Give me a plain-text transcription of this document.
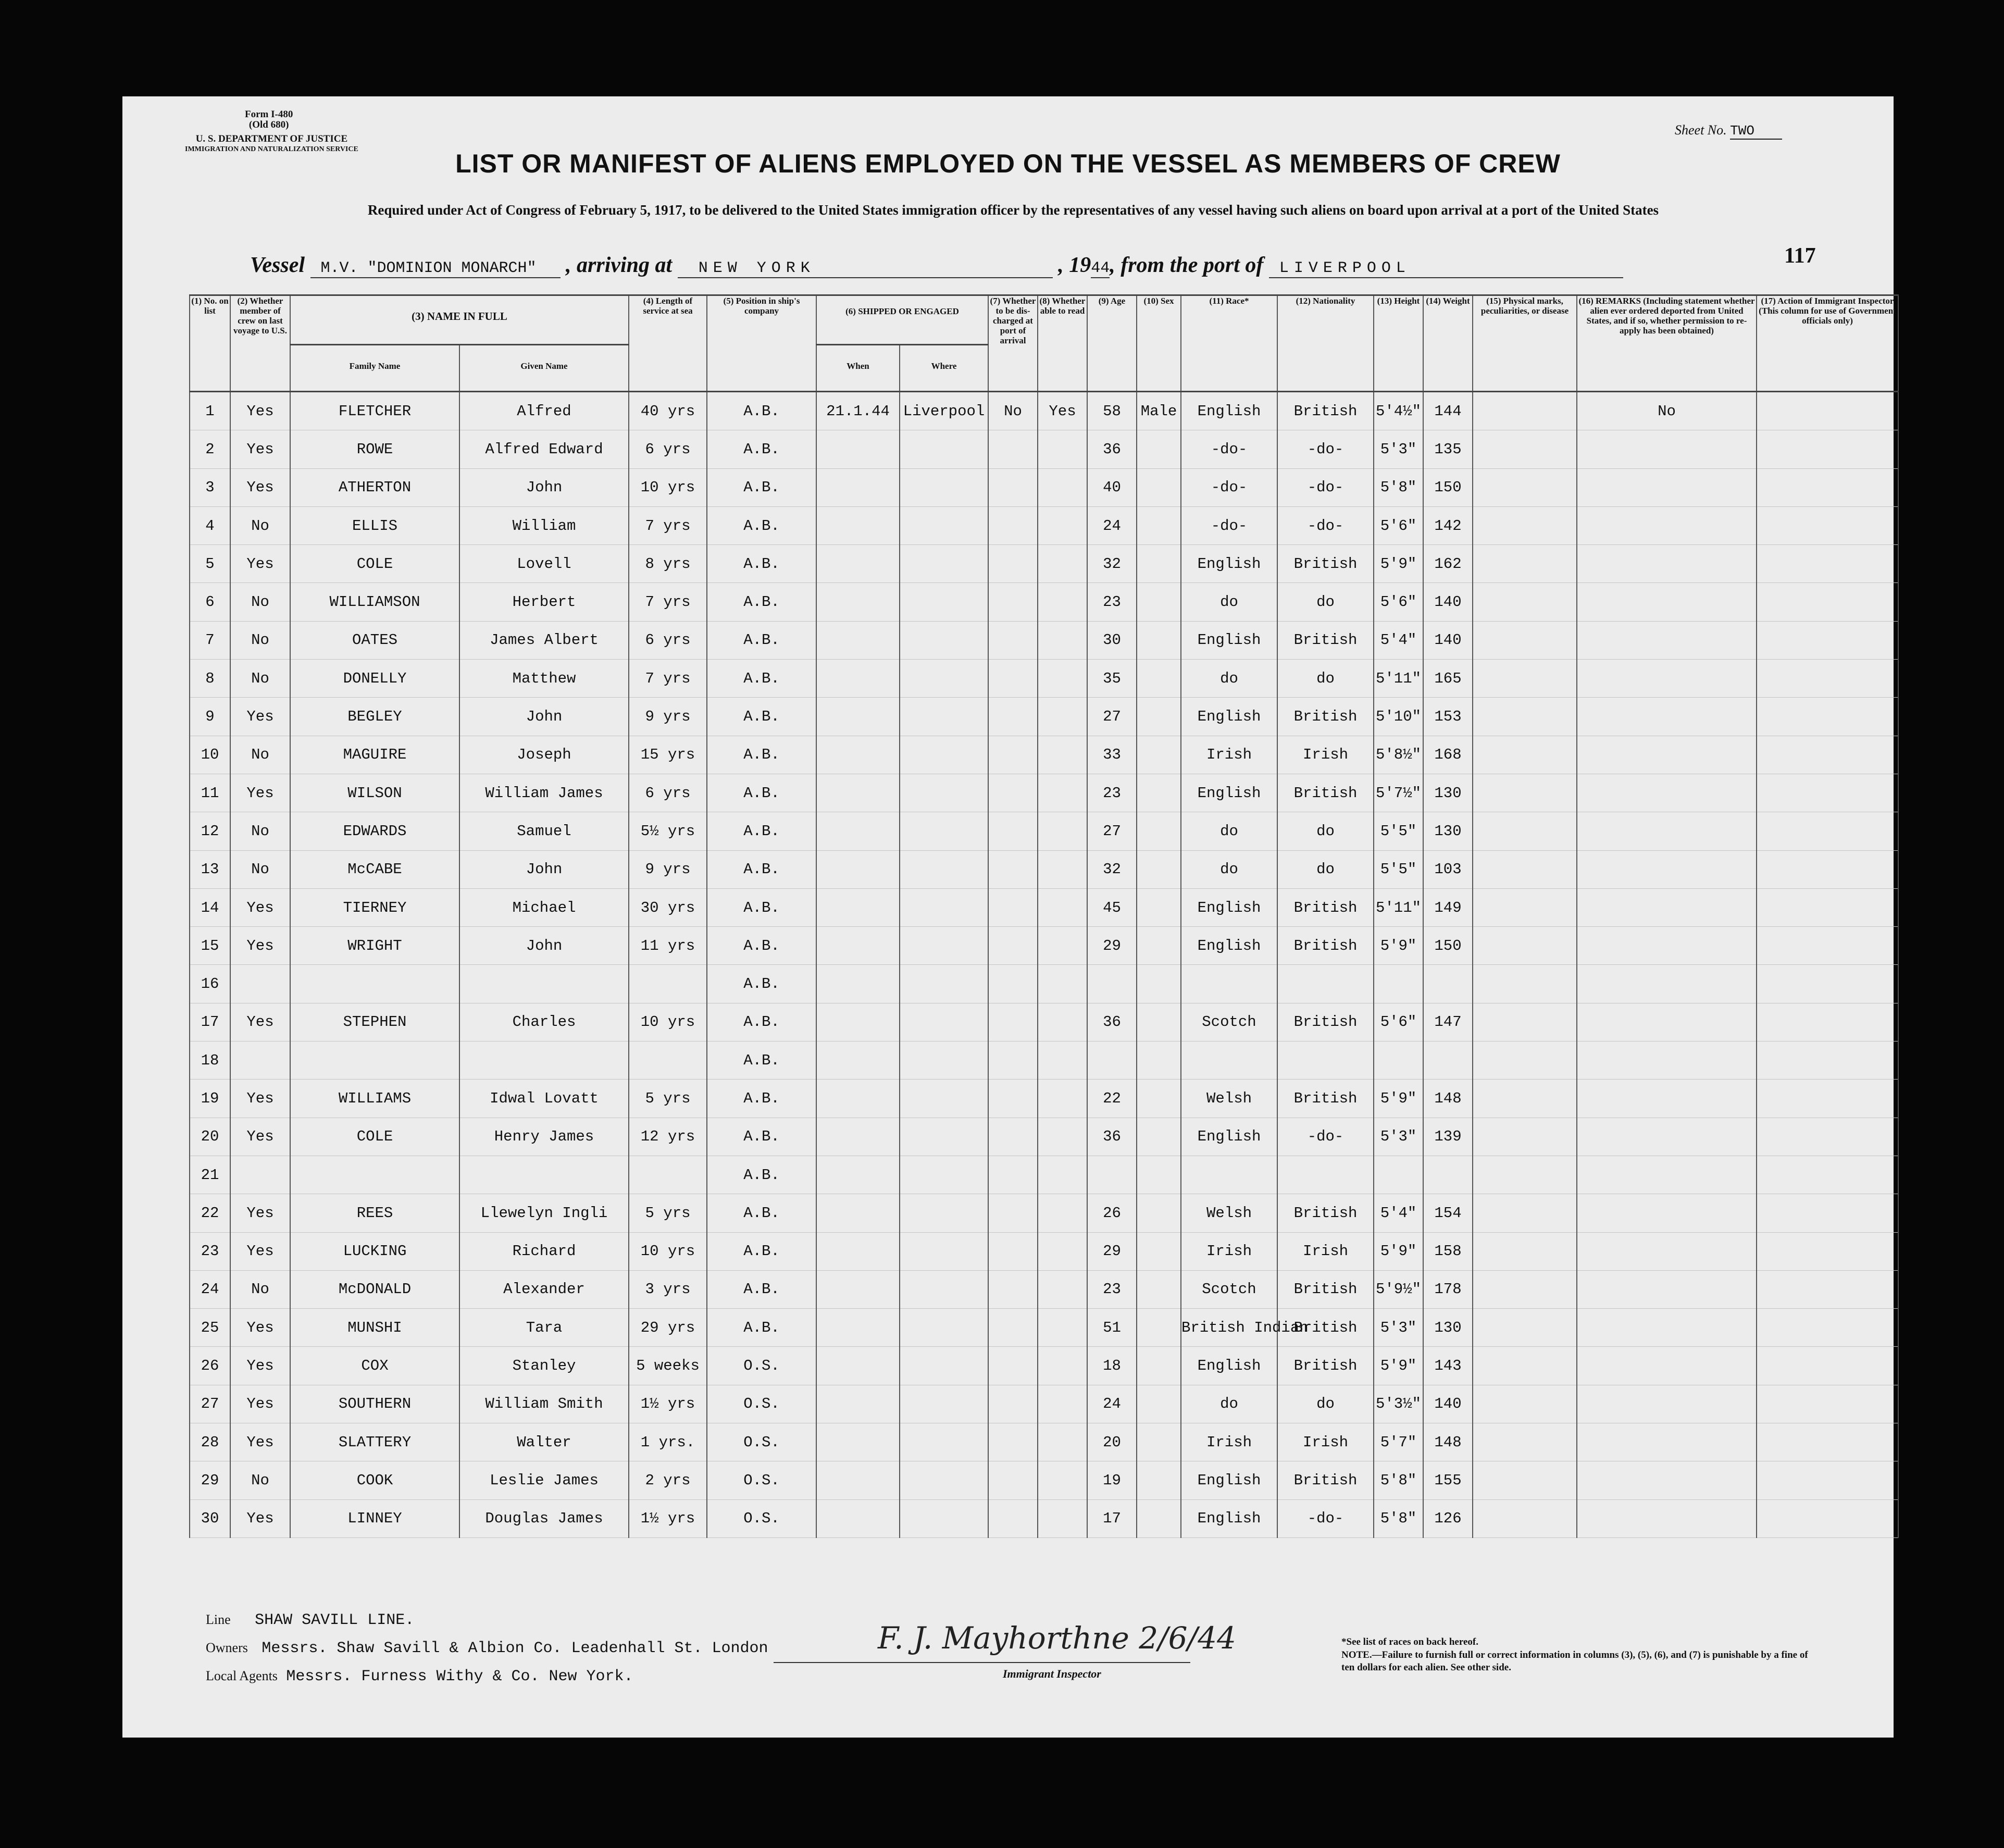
Form I-480
(Old 680)
U. S. DEPARTMENT OF JUSTICE
IMMIGRATION AND NATURALIZATION SERVICE
Sheet No. TWO
LIST OR MANIFEST OF ALIENS EMPLOYED ON THE VESSEL AS MEMBERS OF CREW
Required under Act of Congress of February 5, 1917, to be delivered to the United States immigration officer by the representatives of any vessel having such aliens on board upon arrival at a port of the United States
Vessel M.V. "DOMINION MONARCH" , arriving at NEW YORK	, 1944, from the port of LIVERPOOL
117
(1) No. on list	(2) Whether member of crew on last voyage to U.S.	(3) NAME IN FULL		(4) Length of service at sea	(5) Position in ship's company	(6) SHIPPED OR ENGAGED		(7) Whether to be dis-charged at port of arrival	(8) Whether able to read	(9) Age	(10) Sex	(11) Race*	(12) Nationality	(13) Height	(14) Weight	(15) Physical marks, peculiarities, or disease	(16) REMARKS (Including statement whether alien ever ordered deported from United States, and if so, whether permission to re-apply has been obtained)	(17) Action of Immigrant Inspector (This column for use of Government officials only)
		Family Name	Given Name			When	Where											
1	Yes	FLETCHER	Alfred	40 yrs	A.B.	21.1.44	Liverpool	No	Yes	58	Male	English	British	5'4½"	144		No	
2	Yes	ROWE	Alfred Edward	6 yrs	A.B.					36		-do-	-do-	5'3"	135			
3	Yes	ATHERTON	John	10 yrs	A.B.					40		-do-	-do-	5'8"	150			
4	No	ELLIS	William	7 yrs	A.B.					24		-do-	-do-	5'6"	142			
5	Yes	COLE	Lovell	8 yrs	A.B.					32		English	British	5'9"	162			
6	No	WILLIAMSON	Herbert	7 yrs	A.B.					23		do	do	5'6"	140			
7	No	OATES	James Albert	6 yrs	A.B.					30		English	British	5'4"	140			
8	No	DONELLY	Matthew	7 yrs	A.B.					35		do	do	5'11"	165			
9	Yes	BEGLEY	John	9 yrs	A.B.					27		English	British	5'10"	153			
10	No	MAGUIRE	Joseph	15 yrs	A.B.					33		Irish	Irish	5'8½"	168			
11	Yes	WILSON	William James	6 yrs	A.B.					23		English	British	5'7½"	130			
12	No	EDWARDS	Samuel	5½ yrs	A.B.					27		do	do	5'5"	130			
13	No	McCABE	John	9 yrs	A.B.					32		do	do	5'5"	103			
14	Yes	TIERNEY	Michael	30 yrs	A.B.					45		English	British	5'11"	149			
15	Yes	WRIGHT	John	11 yrs	A.B.					29		English	British	5'9"	150			
16					A.B.													
17	Yes	STEPHEN	Charles	10 yrs	A.B.					36		Scotch	British	5'6"	147			
18					A.B.													
19	Yes	WILLIAMS	Idwal Lovatt	5 yrs	A.B.					22		Welsh	British	5'9"	148			
20	Yes	COLE	Henry James	12 yrs	A.B.					36		English	-do-	5'3"	139			
21					A.B.													
22	Yes	REES	Llewelyn Ingli	5 yrs	A.B.					26		Welsh	British	5'4"	154			
23	Yes	LUCKING	Richard	10 yrs	A.B.					29		Irish	Irish	5'9"	158			
24	No	McDONALD	Alexander	3 yrs	A.B.					23		Scotch	British	5'9½"	178			
25	Yes	MUNSHI	Tara	29 yrs	A.B.					51		British Indian	British	5'3"	130			
26	Yes	COX	Stanley	5 weeks	O.S.					18		English	British	5'9"	143			
27	Yes	SOUTHERN	William Smith	1½ yrs	O.S.					24		do	do	5'3½"	140			
28	Yes	SLATTERY	Walter	1 yrs.	O.S.					20		Irish	Irish	5'7"	148			
29	No	COOK	Leslie James	2 yrs	O.S.					19		English	British	5'8"	155			
30	Yes	LINNEY	Douglas James	1½ yrs	O.S.					17		English	-do-	5'8"	126			
Line SHAW SAVILL LINE.
Owners Messrs. Shaw Savill & Albion Co. Leadenhall St. London
Local Agents Messrs. Furness Withy & Co. New York.
F. J. Mayhorthne 2/6/44
Immigrant Inspector
*See list of races on back hereof.
NOTE.—Failure to furnish full or correct information in columns (3), (5), (6), and (7) is punishable by a fine of ten dollars for each alien. See other side.
